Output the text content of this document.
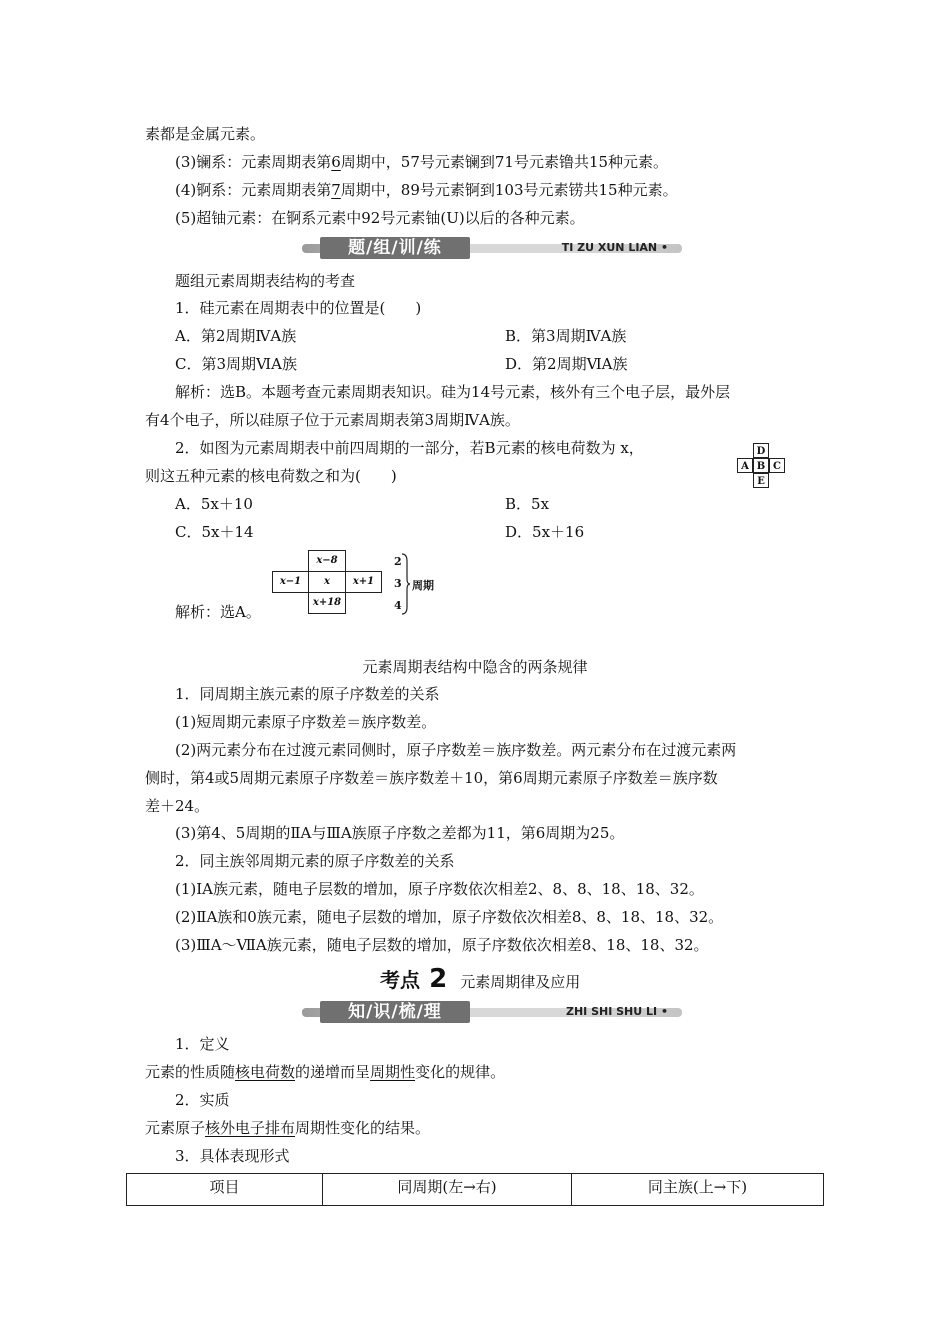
素都是金属元素。
(3)镧系：元素周期表第6周期中，57号元素镧到71号元素镥共15种元素。
(4)锕系：元素周期表第7周期中，89号元素锕到103号元素铹共15种元素。
(5)超铀元素：在锕系元素中92号元素铀(U)以后的各种元素。
题/组/训/练	TI ZU XUN LIAN •
题组元素周期表结构的考查
1．硅元素在周期表中的位置是(　　)
A．第2周期ⅣA族	B．第3周期ⅣA族
C．第3周期ⅥA族	D．第2周期ⅥA族
解析：选B。本题考查元素周期表知识。硅为14号元素，核外有三个电子层，最外层
有4个电子，所以硅原子位于元素周期表第3周期ⅣA族。
2．如图为元素周期表中前四周期的一部分，若B元素的核电荷数为 x，
则这五种元素的核电荷数之和为(　　)
D
A B C
E
A．5x＋10	B．5x
C．5x＋14	D．5x＋16
解析：选A。
x−8
x−1	x	x+1
x+18
2
3
4
周期
元素周期表结构中隐含的两条规律
1．同周期主族元素的原子序数差的关系
(1)短周期元素原子序数差＝族序数差。
(2)两元素分布在过渡元素同侧时，原子序数差＝族序数差。两元素分布在过渡元素两
侧时，第4或5周期元素原子序数差＝族序数差＋10，第6周期元素原子序数差＝族序数
差＋24。
(3)第4、5周期的ⅡA与ⅢA族原子序数之差都为11，第6周期为25。
2．同主族邻周期元素的原子序数差的关系
(1)ⅠA族元素，随电子层数的增加，原子序数依次相差2、8、8、18、18、32。
(2)ⅡA族和0族元素，随电子层数的增加，原子序数依次相差8、8、18、18、32。
(3)ⅢA～ⅦA族元素，随电子层数的增加，原子序数依次相差8、18、18、32。
考点 2 元素周期律及应用
知/识/梳/理	ZHI SHI SHU LI •
1．定义
元素的性质随核电荷数的递增而呈周期性变化的规律。
2．实质
元素原子核外电子排布周期性变化的结果。
3．具体表现形式
项目	同周期(左→右)	同主族(上→下)
